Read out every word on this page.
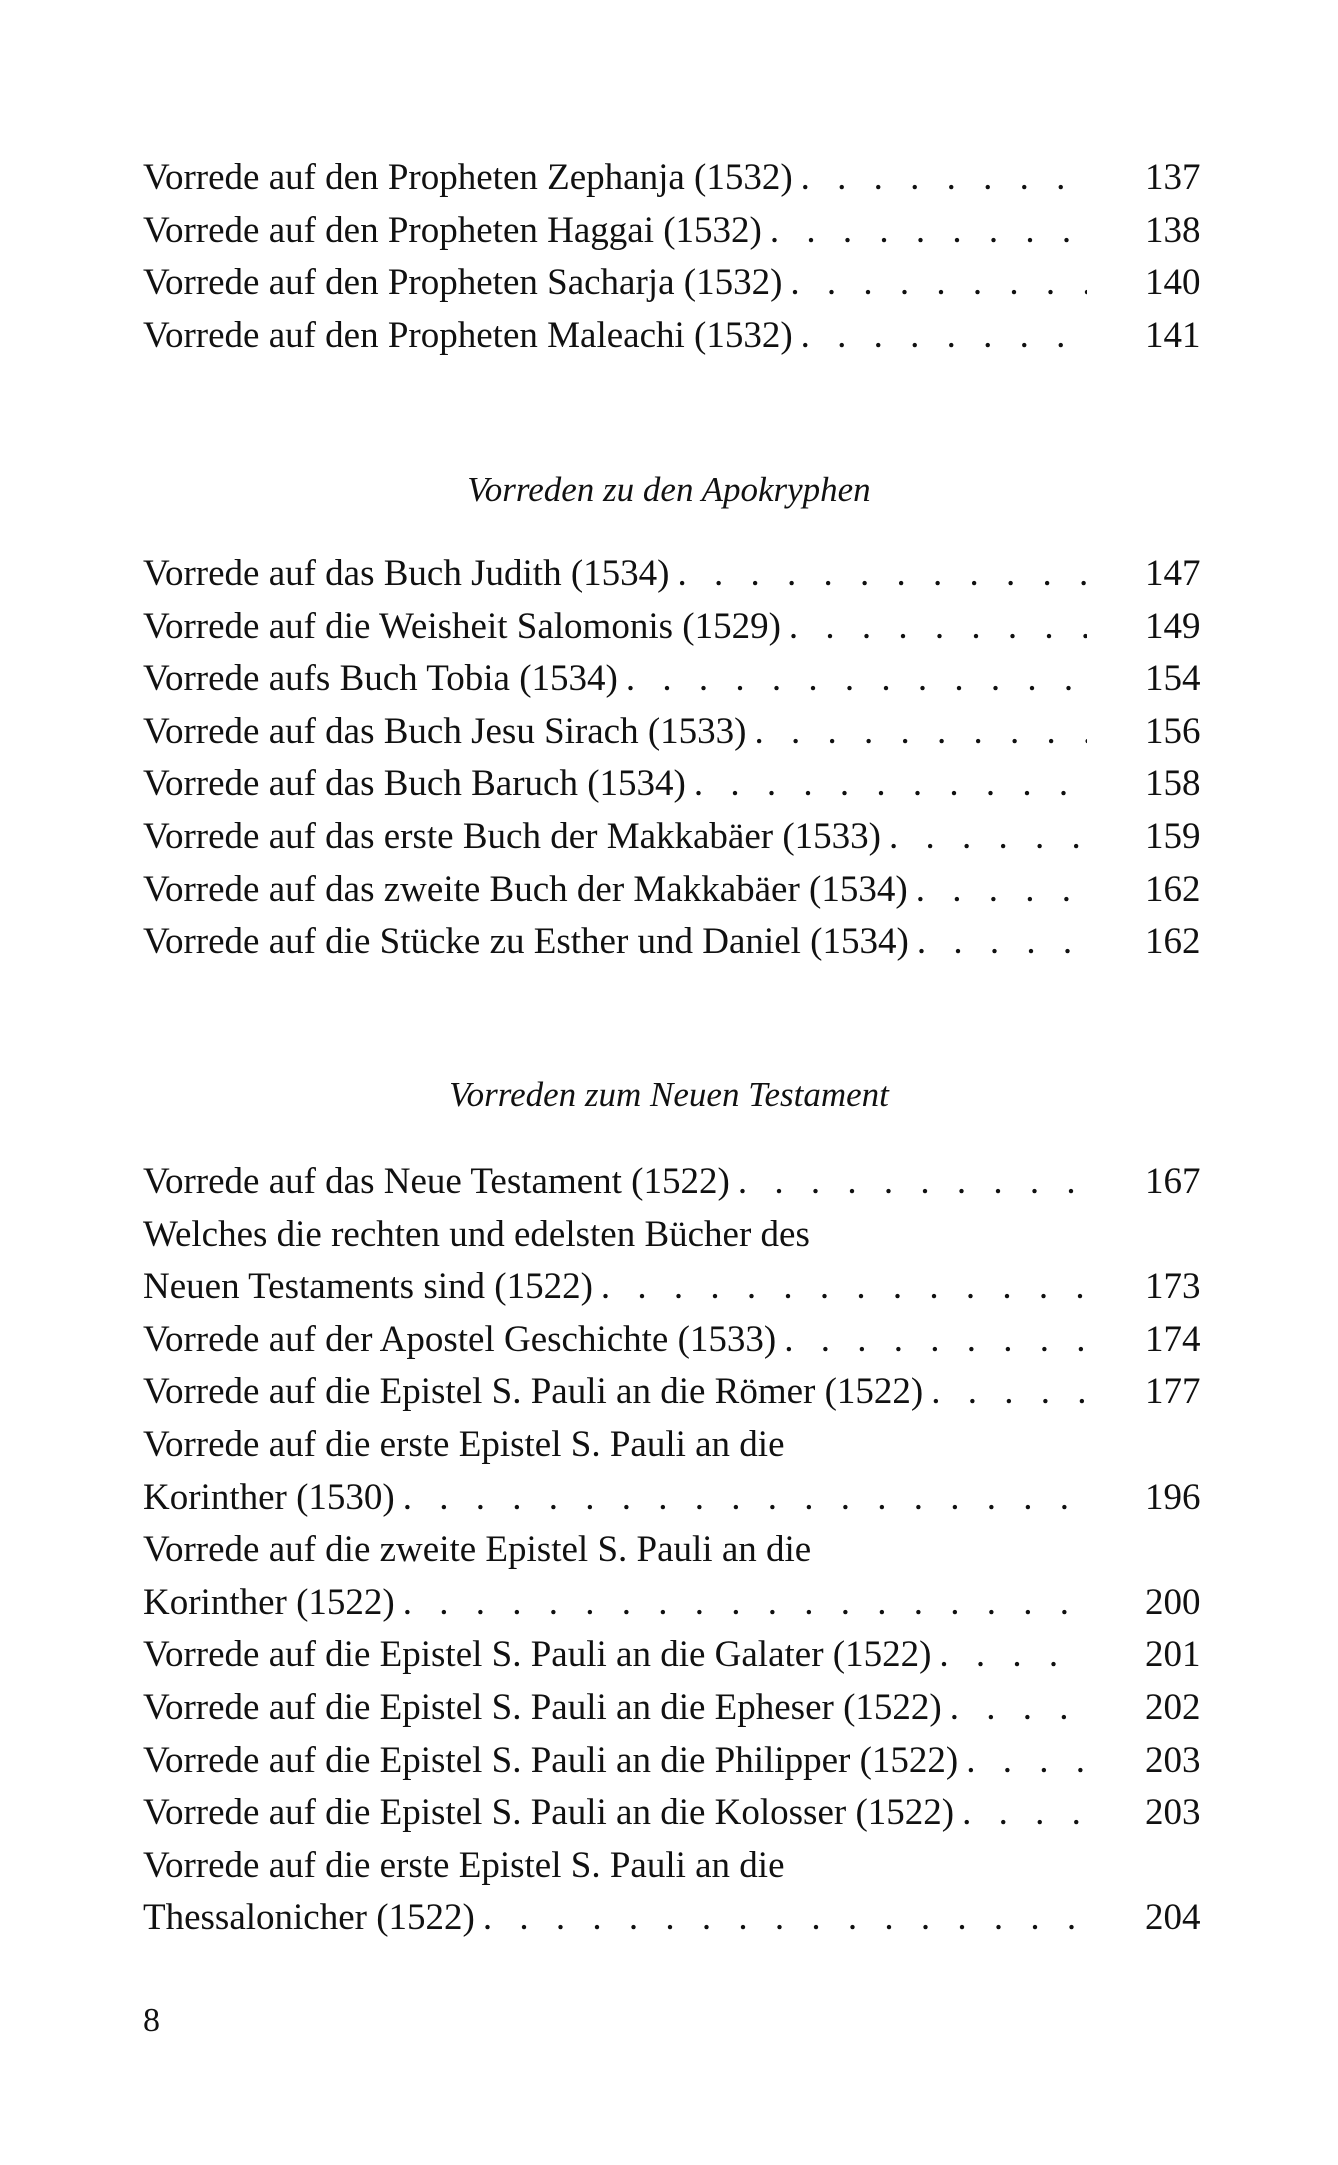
Vorrede auf den Propheten Zephanja (1532) . . .	137
Vorrede auf den Propheten Haggai (1532) . . .	138
Vorrede auf den Propheten Sacharja (1532) . . .	140
Vorrede auf den Propheten Maleachi (1532) . . .	141
Vorreden zu den Apokryphen
Vorrede auf das Buch Judith (1534) . . .	147
Vorrede auf die Weisheit Salomonis (1529) . . .	149
Vorrede aufs Buch Tobia (1534) . . .	154
Vorrede auf das Buch Jesu Sirach (1533) . . .	156
Vorrede auf das Buch Baruch (1534) . . .	158
Vorrede auf das erste Buch der Makkabäer (1533) . . .	159
Vorrede auf das zweite Buch der Makkabäer (1534) . . .	162
Vorrede auf die Stücke zu Esther und Daniel (1534) . . .	162
Vorreden zum Neuen Testament
Vorrede auf das Neue Testament (1522) . . .	167
Welches die rechten und edelsten Bücher des
Neuen Testaments sind (1522) . . .	173
Vorrede auf der Apostel Geschichte (1533) . . .	174
Vorrede auf die Epistel S. Pauli an die Römer (1522) . . .	177
Vorrede auf die erste Epistel S. Pauli an die
Korinther (1530) . . .	196
Vorrede auf die zweite Epistel S. Pauli an die
Korinther (1522) . . .	200
Vorrede auf die Epistel S. Pauli an die Galater (1522) . . .	201
Vorrede auf die Epistel S. Pauli an die Epheser (1522) . . .	202
Vorrede auf die Epistel S. Pauli an die Philipper (1522) . . .	203
Vorrede auf die Epistel S. Pauli an die Kolosser (1522) . . .	203
Vorrede auf die erste Epistel S. Pauli an die
Thessalonicher (1522) . . .	204
8
